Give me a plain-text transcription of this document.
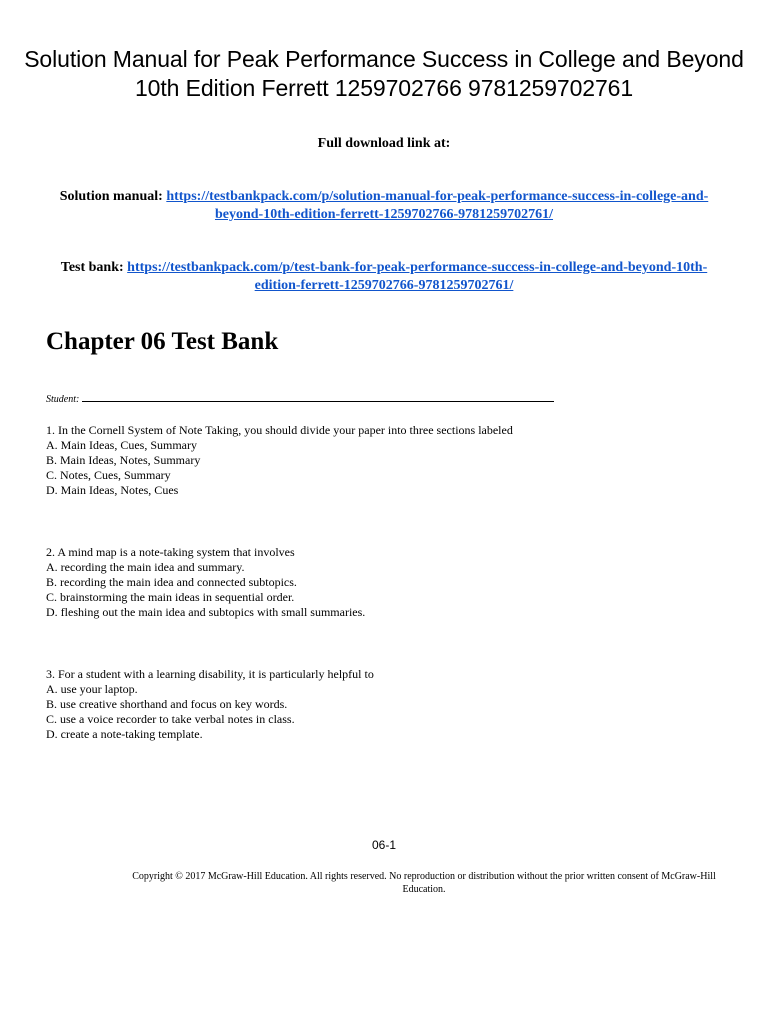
Solution Manual for Peak Performance Success in College and Beyond 10th Edition Ferrett 1259702766 9781259702761
Full download link at:
Solution manual: https://testbankpack.com/p/solution-manual-for-peak-performance-success-in-college-and-beyond-10th-edition-ferrett-1259702766-9781259702761/
Test bank: https://testbankpack.com/p/test-bank-for-peak-performance-success-in-college-and-beyond-10th-edition-ferrett-1259702766-9781259702761/
Chapter 06 Test Bank
Student:
1. In the Cornell System of Note Taking, you should divide your paper into three sections labeled
A. Main Ideas, Cues, Summary
B. Main Ideas, Notes, Summary
C. Notes, Cues, Summary
D. Main Ideas, Notes, Cues
2. A mind map is a note-taking system that involves
A. recording the main idea and summary.
B. recording the main idea and connected subtopics.
C. brainstorming the main ideas in sequential order.
D. fleshing out the main idea and subtopics with small summaries.
3. For a student with a learning disability, it is particularly helpful to
A. use your laptop.
B. use creative shorthand and focus on key words.
C. use a voice recorder to take verbal notes in class.
D. create a note-taking template.
06-1
Copyright © 2017 McGraw-Hill Education. All rights reserved. No reproduction or distribution without the prior written consent of McGraw-Hill Education.
